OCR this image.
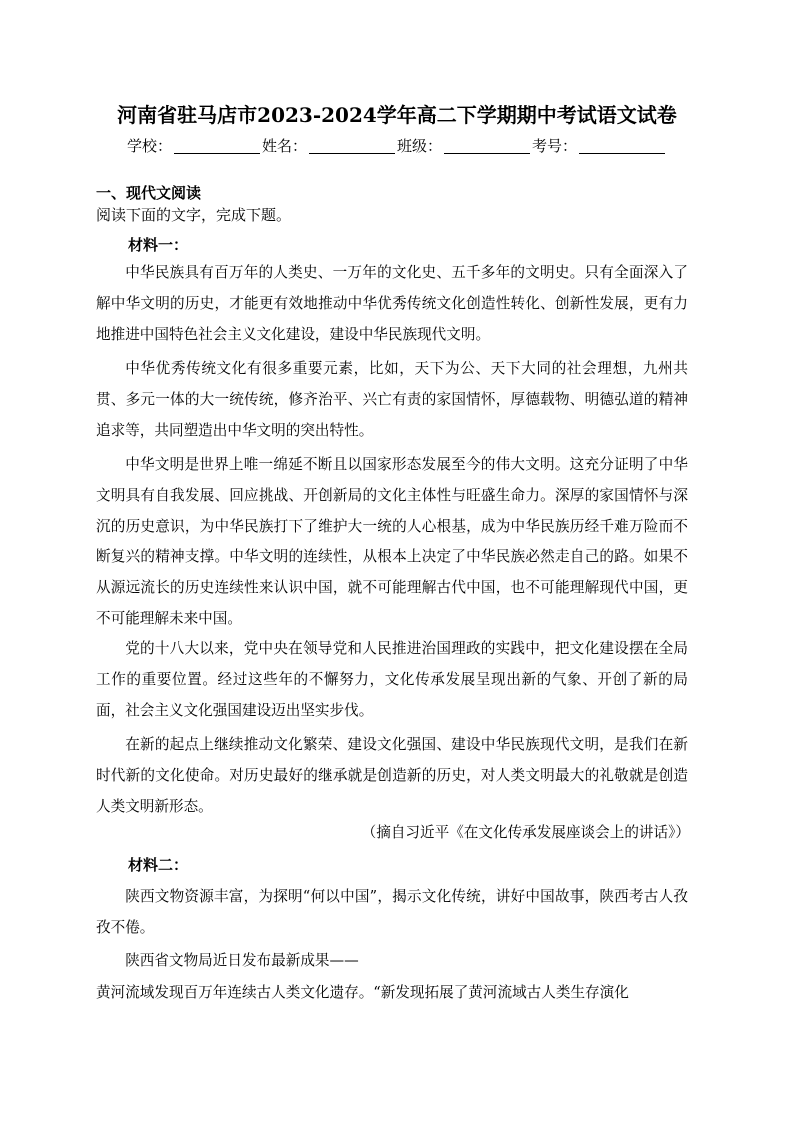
河南省驻马店市2023-2024学年高二下学期期中考试语文试卷
学校：	姓名：	班级：	考号：
一、现代文阅读
阅读下面的文字，完成下题。
材料一：

中华民族具有百万年的人类史、一万年的文化史、五千多年的文明史。只有全面深入了解中华文明的历史，才能更有效地推动中华优秀传统文化创造性转化、创新性发展，更有力地推进中国特色社会主义文化建设，建设中华民族现代文明。

中华优秀传统文化有很多重要元素，比如，天下为公、天下大同的社会理想，九州共贯、多元一体的大一统传统，修齐治平、兴亡有责的家国情怀，厚德载物、明德弘道的精神追求等，共同塑造出中华文明的突出特性。

中华文明是世界上唯一绵延不断且以国家形态发展至今的伟大文明。这充分证明了中华文明具有自我发展、回应挑战、开创新局的文化主体性与旺盛生命力。深厚的家国情怀与深沉的历史意识，为中华民族打下了维护大一统的人心根基，成为中华民族历经千难万险而不断复兴的精神支撑。中华文明的连续性，从根本上决定了中华民族必然走自己的路。如果不从源远流长的历史连续性来认识中国，就不可能理解古代中国，也不可能理解现代中国，更不可能理解未来中国。

党的十八大以来，党中央在领导党和人民推进治国理政的实践中，把文化建设摆在全局工作的重要位置。经过这些年的不懈努力，文化传承发展呈现出新的气象、开创了新的局面，社会主义文化强国建设迈出坚实步伐。

在新的起点上继续推动文化繁荣、建设文化强国、建设中华民族现代文明，是我们在新时代新的文化使命。对历史最好的继承就是创造新的历史，对人类文明最大的礼敬就是创造人类文明新形态。

（摘自习近平《在文化传承发展座谈会上的讲话》）
材料二：

陕西文物资源丰富，为探明“何以中国”，揭示文化传统，讲好中国故事，陕西考古人孜孜不倦。

陕西省文物局近日发布最新成果——

黄河流域发现百万年连续古人类文化遗存。“新发现拓展了黄河流域古人类生存演化
